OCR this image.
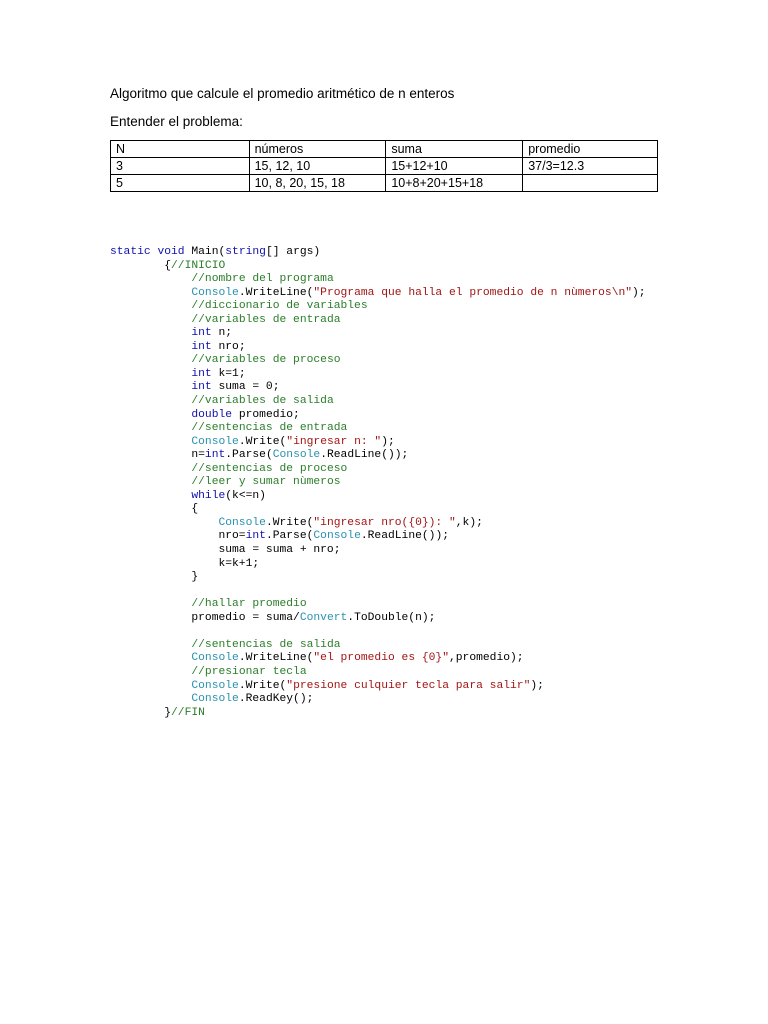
Algoritmo que calcule el promedio aritmético de n enteros
Entender el problema:
N	números	suma	promedio
3	15, 12, 10	15+12+10	37/3=12.3
5	10, 8, 20, 15, 18	10+8+20+15+18	
static void Main(string[] args)
{//INICIO
//nombre del programa
Console.WriteLine("Programa que halla el promedio de n nùmeros\n");
//diccionario de variables
//variables de entrada
int n;
int nro;
//variables de proceso
int k=1;
int suma = 0;
//variables de salida
double promedio;
//sentencias de entrada
Console.Write("ingresar n: ");
n=int.Parse(Console.ReadLine());
//sentencias de proceso
//leer y sumar nùmeros
while(k<=n)
{
Console.Write("ingresar nro({0}): ",k);
nro=int.Parse(Console.ReadLine());
suma = suma + nro;
k=k+1;
}
//hallar promedio
promedio = suma/Convert.ToDouble(n);
//sentencias de salida
Console.WriteLine("el promedio es {0}",promedio);
//presionar tecla
Console.Write("presione culquier tecla para salir");
Console.ReadKey();
}//FIN
